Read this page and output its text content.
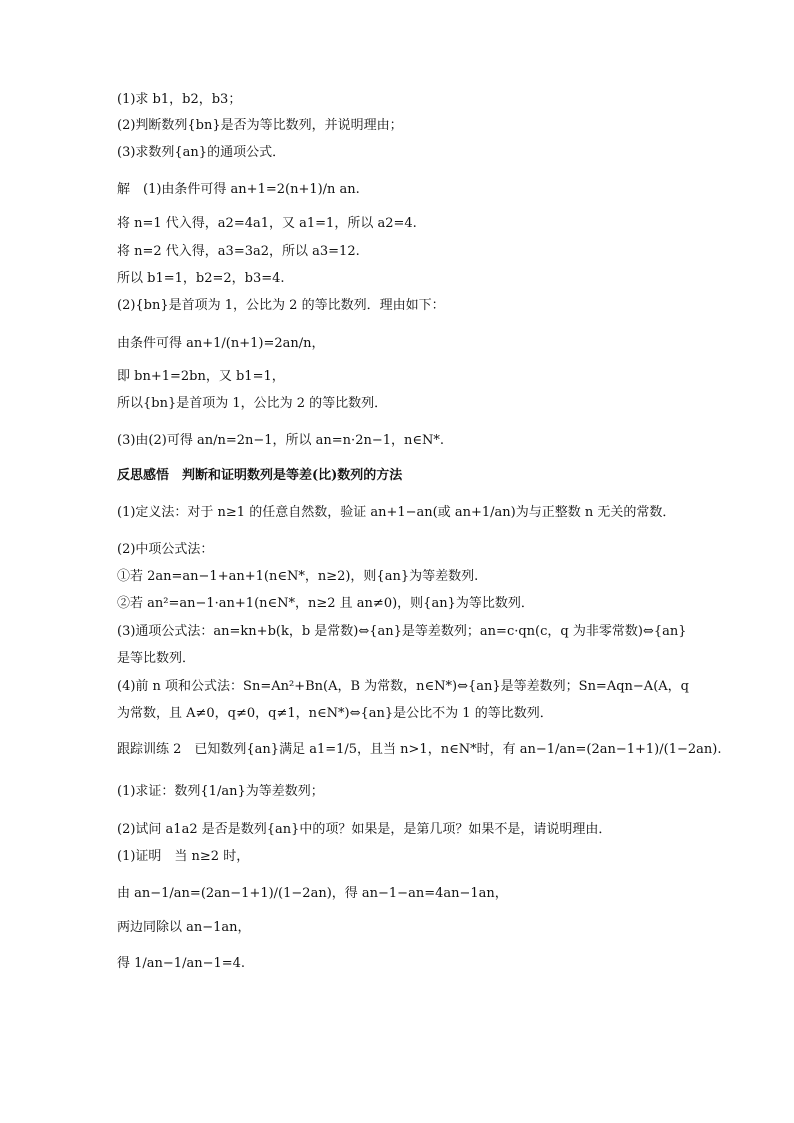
(1)求 b1，b2，b3；
(2)判断数列{bn}是否为等比数列，并说明理由；
(3)求数列{an}的通项公式．
解　(1)由条件可得 an+1=2(n+1)/n an.
将 n=1 代入得，a2=4a1，又 a1=1，所以 a2=4.
将 n=2 代入得，a3=3a2，所以 a3=12.
所以 b1=1，b2=2，b3=4.
(2){bn}是首项为 1，公比为 2 的等比数列．理由如下：
由条件可得 an+1/(n+1)=2an/n，
即 bn+1=2bn，又 b1=1，
所以{bn}是首项为 1，公比为 2 的等比数列．
(3)由(2)可得 an/n=2n−1，所以 an=n·2n−1，n∈N*.
反思感悟　判断和证明数列是等差(比)数列的方法
(1)定义法：对于 n≥1 的任意自然数，验证 an+1−an(或 an+1/an)为与正整数 n 无关的常数．
(2)中项公式法：
①若 2an=an−1+an+1(n∈N*，n≥2)，则{an}为等差数列.
②若 an²=an−1·an+1(n∈N*，n≥2 且 an≠0)，则{an}为等比数列．
(3)通项公式法：an=kn+b(k，b 是常数)⇔{an}是等差数列；an=c·qn(c，q 为非零常数)⇔{an}
是等比数列．
(4)前 n 项和公式法：Sn=An²+Bn(A，B 为常数，n∈N*)⇔{an}是等差数列；Sn=Aqn−A(A，q
为常数，且 A≠0，q≠0，q≠1，n∈N*)⇔{an}是公比不为 1 的等比数列．
跟踪训练 2　已知数列{an}满足 a1=1/5，且当 n>1，n∈N*时，有 an−1/an=(2an−1+1)/(1−2an).
(1)求证：数列{1/an}为等差数列；
(2)试问 a1a2 是否是数列{an}中的项？如果是，是第几项？如果不是，请说明理由．
(1)证明　当 n≥2 时，
由 an−1/an=(2an−1+1)/(1−2an)，得 an−1−an=4an−1an，
两边同除以 an−1an，
得 1/an−1/an−1=4.
